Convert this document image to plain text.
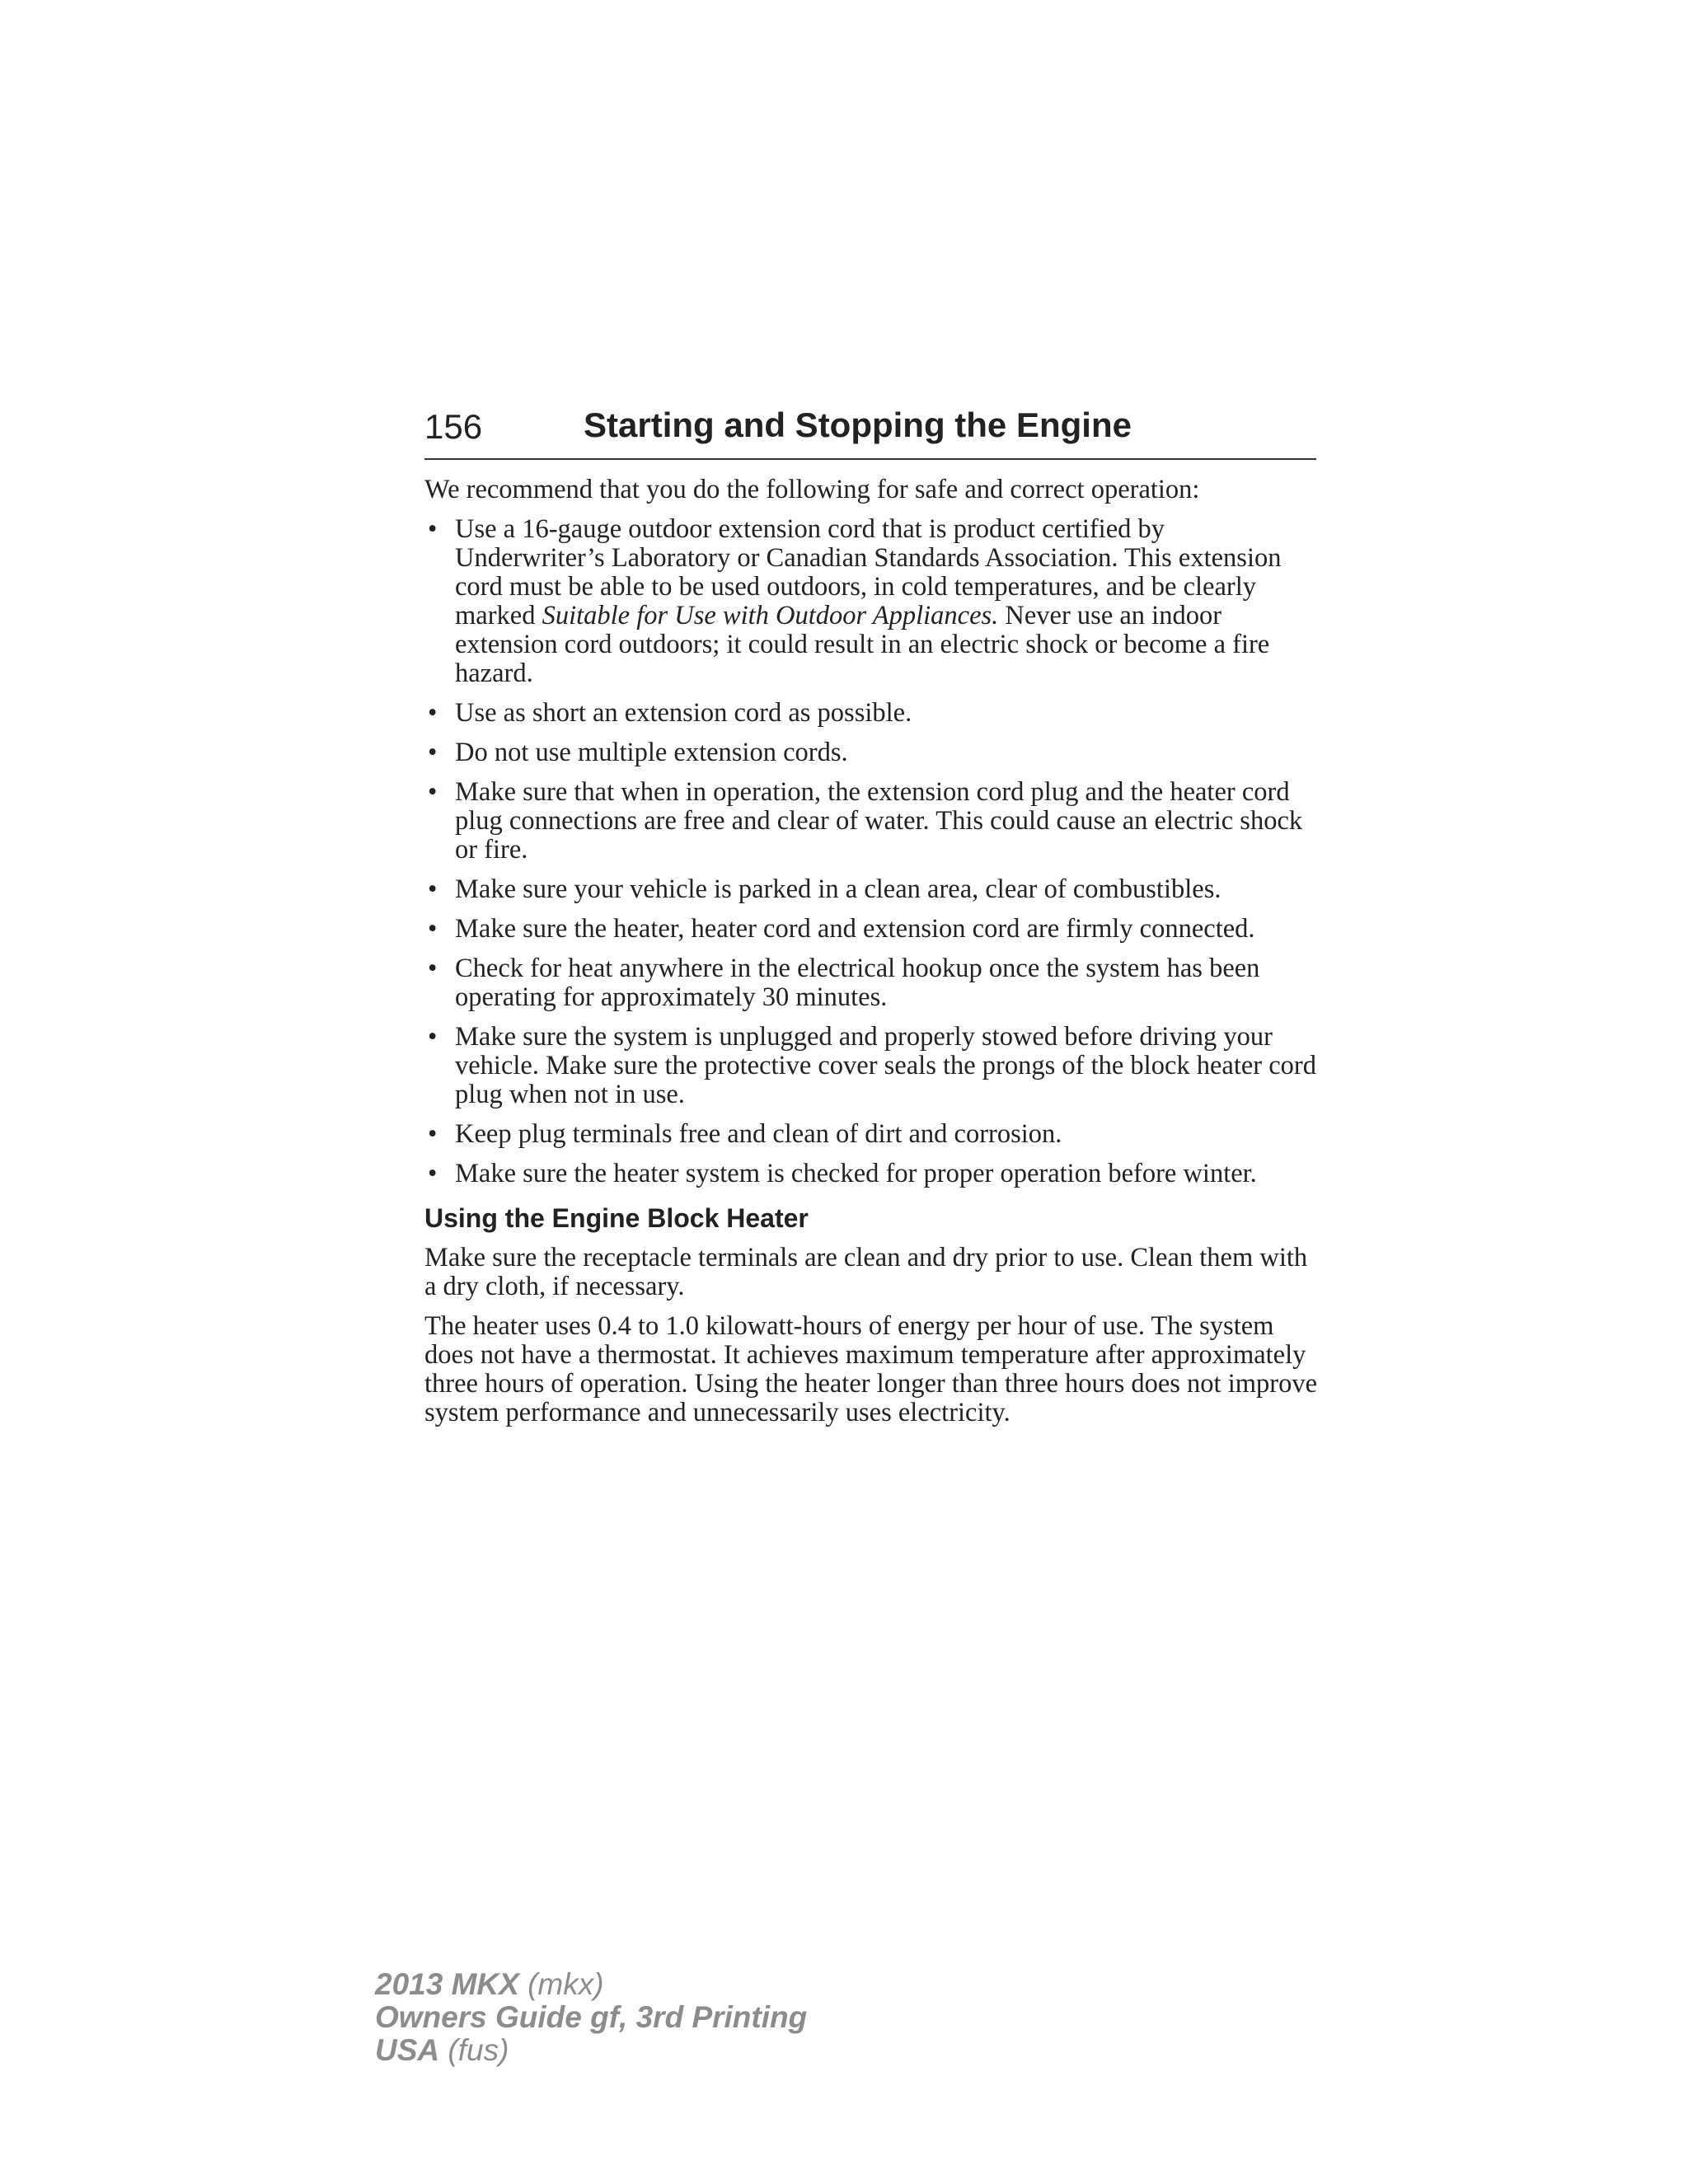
156	Starting and Stopping the Engine

We recommend that you do the following for safe and correct operation:

• Use a 16-gauge outdoor extension cord that is product certified by Underwriter’s Laboratory or Canadian Standards Association. This extension cord must be able to be used outdoors, in cold temperatures, and be clearly marked Suitable for Use with Outdoor Appliances. Never use an indoor extension cord outdoors; it could result in an electric shock or become a fire hazard.
• Use as short an extension cord as possible.
• Do not use multiple extension cords.
• Make sure that when in operation, the extension cord plug and the heater cord plug connections are free and clear of water. This could cause an electric shock or fire.
• Make sure your vehicle is parked in a clean area, clear of combustibles.
• Make sure the heater, heater cord and extension cord are firmly connected.
• Check for heat anywhere in the electrical hookup once the system has been operating for approximately 30 minutes.
• Make sure the system is unplugged and properly stowed before driving your vehicle. Make sure the protective cover seals the prongs of the block heater cord plug when not in use.
• Keep plug terminals free and clean of dirt and corrosion.
• Make sure the heater system is checked for proper operation before winter.
Using the Engine Block Heater

Make sure the receptacle terminals are clean and dry prior to use. Clean them with a dry cloth, if necessary.

The heater uses 0.4 to 1.0 kilowatt-hours of energy per hour of use. The system does not have a thermostat. It achieves maximum temperature after approximately three hours of operation. Using the heater longer than three hours does not improve system performance and unnecessarily uses electricity.

2013 MKX (mkx)
Owners Guide gf, 3rd Printing
USA (fus)
